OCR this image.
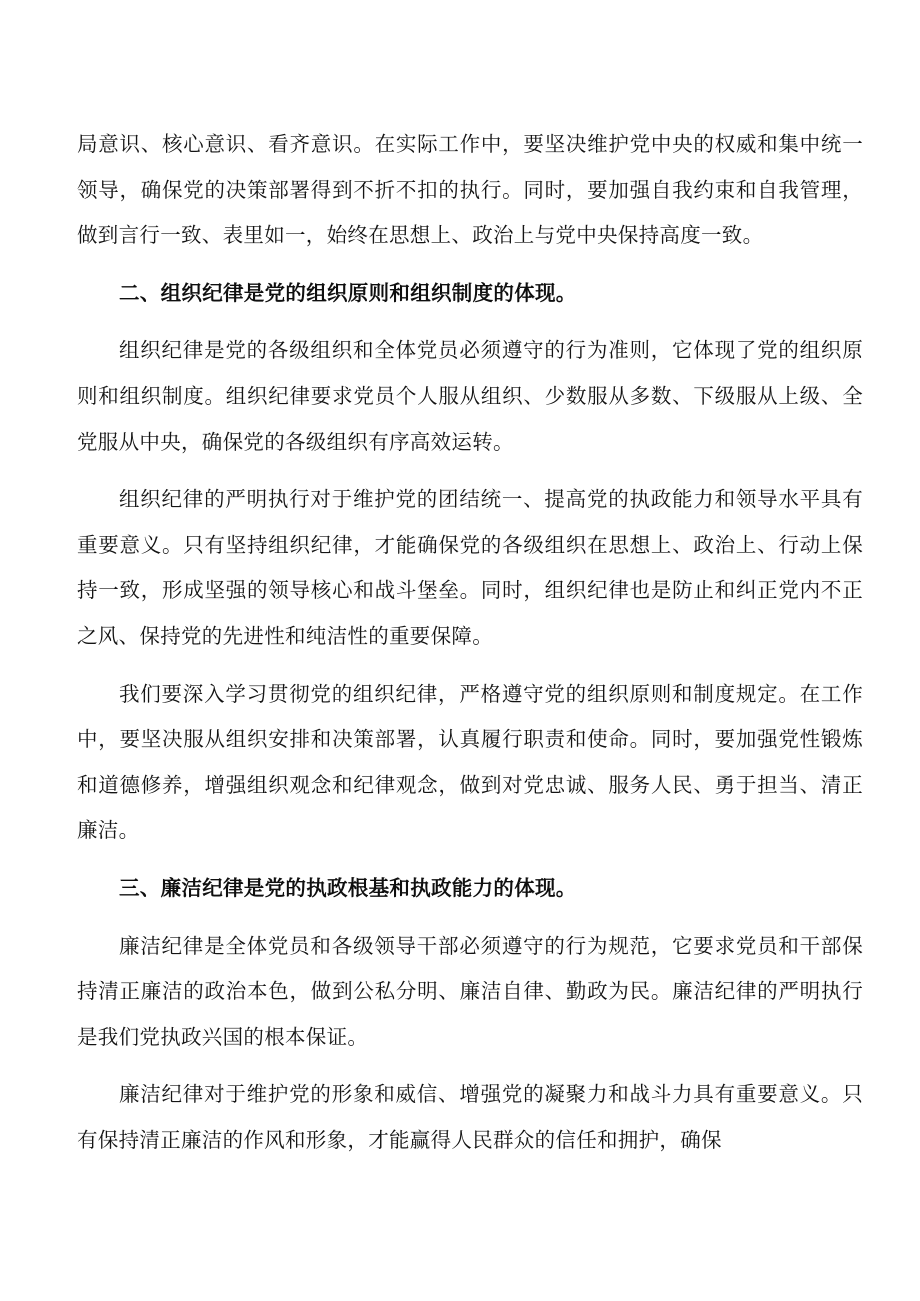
局意识、核心意识、看齐意识。在实际工作中，要坚决维护党中央的权威和集中统一领导，确保党的决策部署得到不折不扣的执行。同时，要加强自我约束和自我管理，做到言行一致、表里如一，始终在思想上、政治上与党中央保持高度一致。

二、组织纪律是党的组织原则和组织制度的体现。

组织纪律是党的各级组织和全体党员必须遵守的行为准则，它体现了党的组织原则和组织制度。组织纪律要求党员个人服从组织、少数服从多数、下级服从上级、全党服从中央，确保党的各级组织有序高效运转。

组织纪律的严明执行对于维护党的团结统一、提高党的执政能力和领导水平具有重要意义。只有坚持组织纪律，才能确保党的各级组织在思想上、政治上、行动上保持一致，形成坚强的领导核心和战斗堡垒。同时，组织纪律也是防止和纠正党内不正之风、保持党的先进性和纯洁性的重要保障。

我们要深入学习贯彻党的组织纪律，严格遵守党的组织原则和制度规定。在工作中，要坚决服从组织安排和决策部署，认真履行职责和使命。同时，要加强党性锻炼和道德修养，增强组织观念和纪律观念，做到对党忠诚、服务人民、勇于担当、清正廉洁。

三、廉洁纪律是党的执政根基和执政能力的体现。

廉洁纪律是全体党员和各级领导干部必须遵守的行为规范，它要求党员和干部保持清正廉洁的政治本色，做到公私分明、廉洁自律、勤政为民。廉洁纪律的严明执行是我们党执政兴国的根本保证。

廉洁纪律对于维护党的形象和威信、增强党的凝聚力和战斗力具有重要意义。只有保持清正廉洁的作风和形象，才能赢得人民群众的信任和拥护，确保
